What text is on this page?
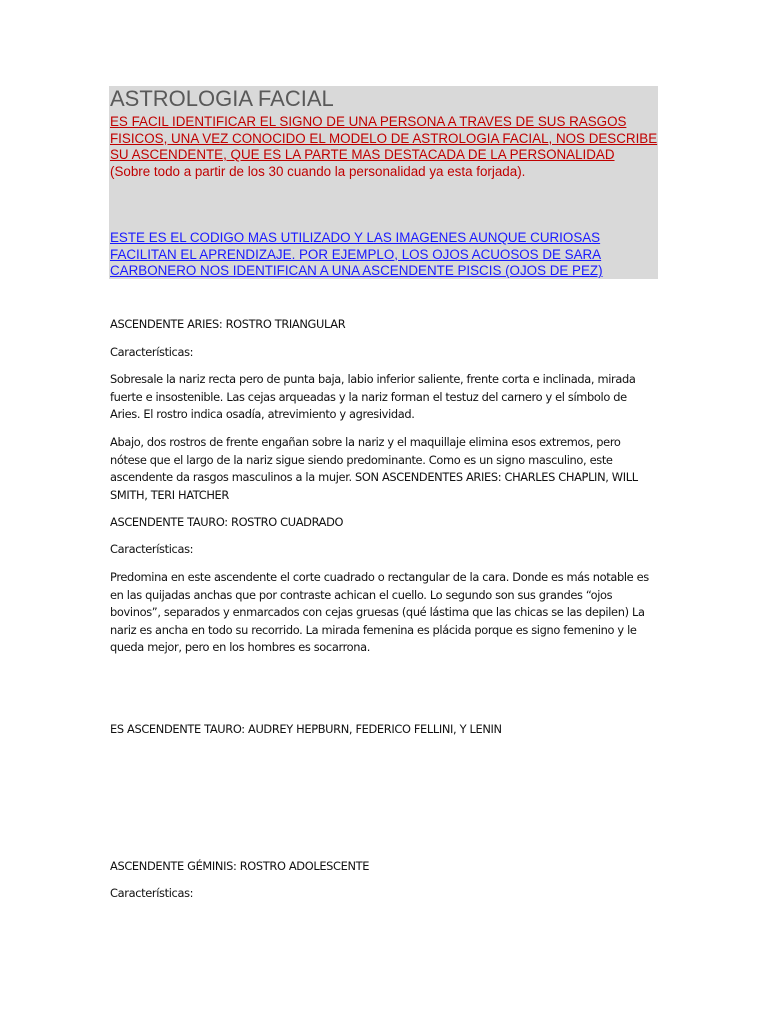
ASTROLOGIA FACIAL

ES FACIL IDENTIFICAR EL SIGNO DE UNA PERSONA A TRAVES DE SUS RASGOS FISICOS, UNA VEZ CONOCIDO EL MODELO DE ASTROLOGIA FACIAL, NOS DESCRIBE SU ASCENDENTE, QUE ES LA PARTE MAS DESTACADA DE LA PERSONALIDAD (Sobre todo a partir de los 30 cuando la personalidad ya esta forjada).

ESTE ES EL CODIGO MAS UTILIZADO Y LAS IMAGENES AUNQUE CURIOSAS FACILITAN EL APRENDIZAJE. POR EJEMPLO, LOS OJOS ACUOSOS DE SARA CARBONERO NOS IDENTIFICAN A UNA ASCENDENTE PISCIS (OJOS DE PEZ)

ASCENDENTE ARIES: ROSTRO TRIANGULAR

Características:

Sobresale la nariz recta pero de punta baja, labio inferior saliente, frente corta e inclinada, mirada fuerte e insostenible. Las cejas arqueadas y la nariz forman el testuz del carnero y el símbolo de Aries. El rostro indica osadía, atrevimiento y agresividad.

Abajo, dos rostros de frente engañan sobre la nariz y el maquillaje elimina esos extremos, pero nótese que el largo de la nariz sigue siendo predominante. Como es un signo masculino, este ascendente da rasgos masculinos a la mujer. SON ASCENDENTES ARIES: CHARLES CHAPLIN, WILL SMITH, TERI HATCHER

ASCENDENTE TAURO: ROSTRO CUADRADO

Características:

Predomina en este ascendente el corte cuadrado o rectangular de la cara. Donde es más notable es en las quijadas anchas que por contraste achican el cuello. Lo segundo son sus grandes “ojos bovinos”, separados y enmarcados con cejas gruesas (qué lástima que las chicas se las depilen) La nariz es ancha en todo su recorrido. La mirada femenina es plácida porque es signo femenino y le queda mejor, pero en los hombres es socarrona.

ES ASCENDENTE TAURO: AUDREY HEPBURN, FEDERICO FELLINI, Y LENIN

ASCENDENTE GÉMINIS: ROSTRO ADOLESCENTE

Características:
